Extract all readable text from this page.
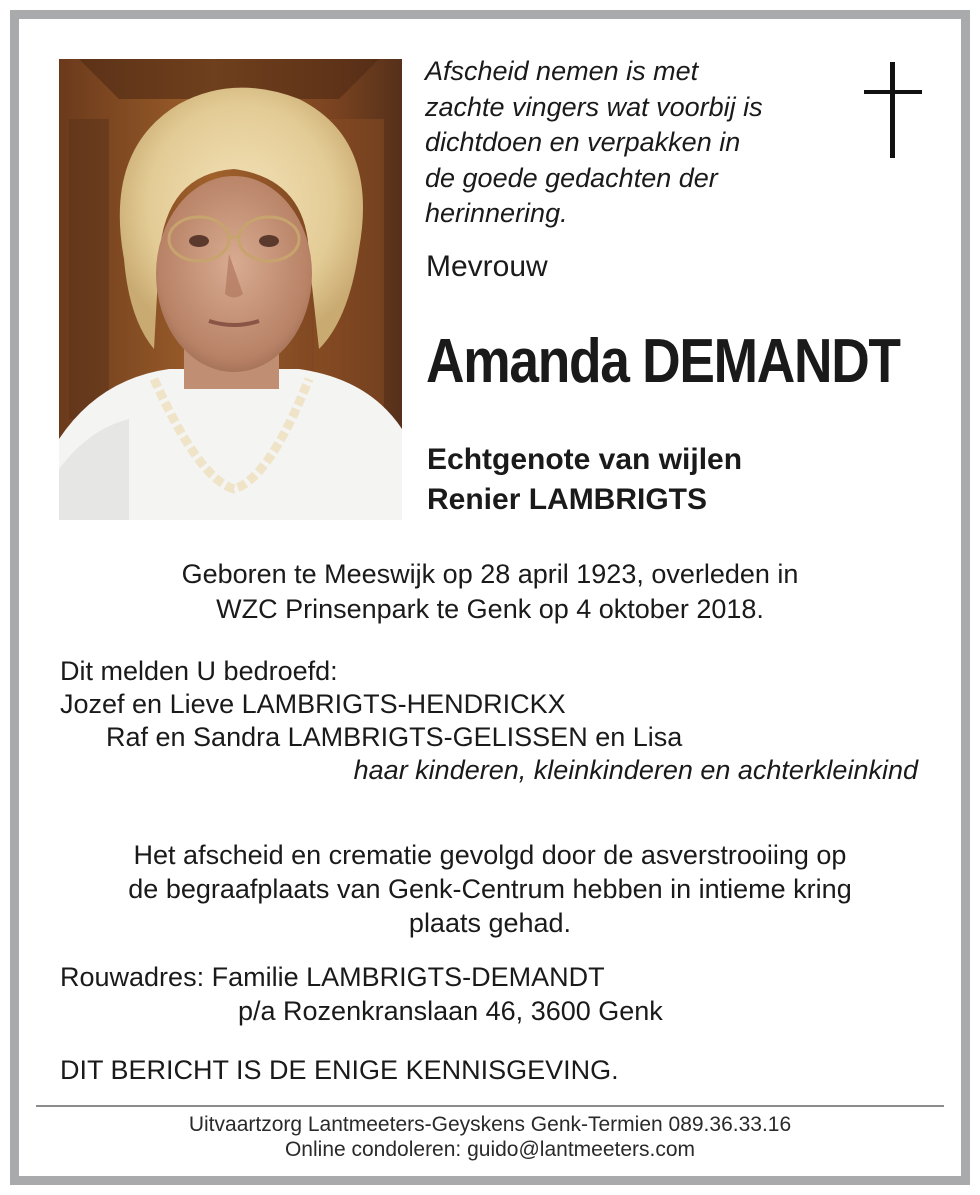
Afscheid nemen is met
zachte vingers wat voorbij is
dichtdoen en verpakken in
de goede gedachten der
herinnering.
Mevrouw
Amanda DEMANDT
Echtgenote van wijlen
Renier LAMBRIGTS
Geboren te Meeswijk op 28 april 1923, overleden in
WZC Prinsenpark te Genk op 4 oktober 2018.
Dit melden U bedroefd:
Jozef en Lieve LAMBRIGTS-HENDRICKX
Raf en Sandra LAMBRIGTS-GELISSEN en Lisa
haar kinderen, kleinkinderen en achterkleinkind
Het afscheid en crematie gevolgd door de asverstrooiing op
de begraafplaats van Genk-Centrum hebben in intieme kring
plaats gehad.
Rouwadres: Familie LAMBRIGTS-DEMANDT
p/a Rozenkranslaan 46, 3600 Genk
DIT BERICHT IS DE ENIGE KENNISGEVING.
Uitvaartzorg Lantmeeters-Geyskens Genk-Termien 089.36.33.16
Online condoleren: guido@lantmeeters.com
